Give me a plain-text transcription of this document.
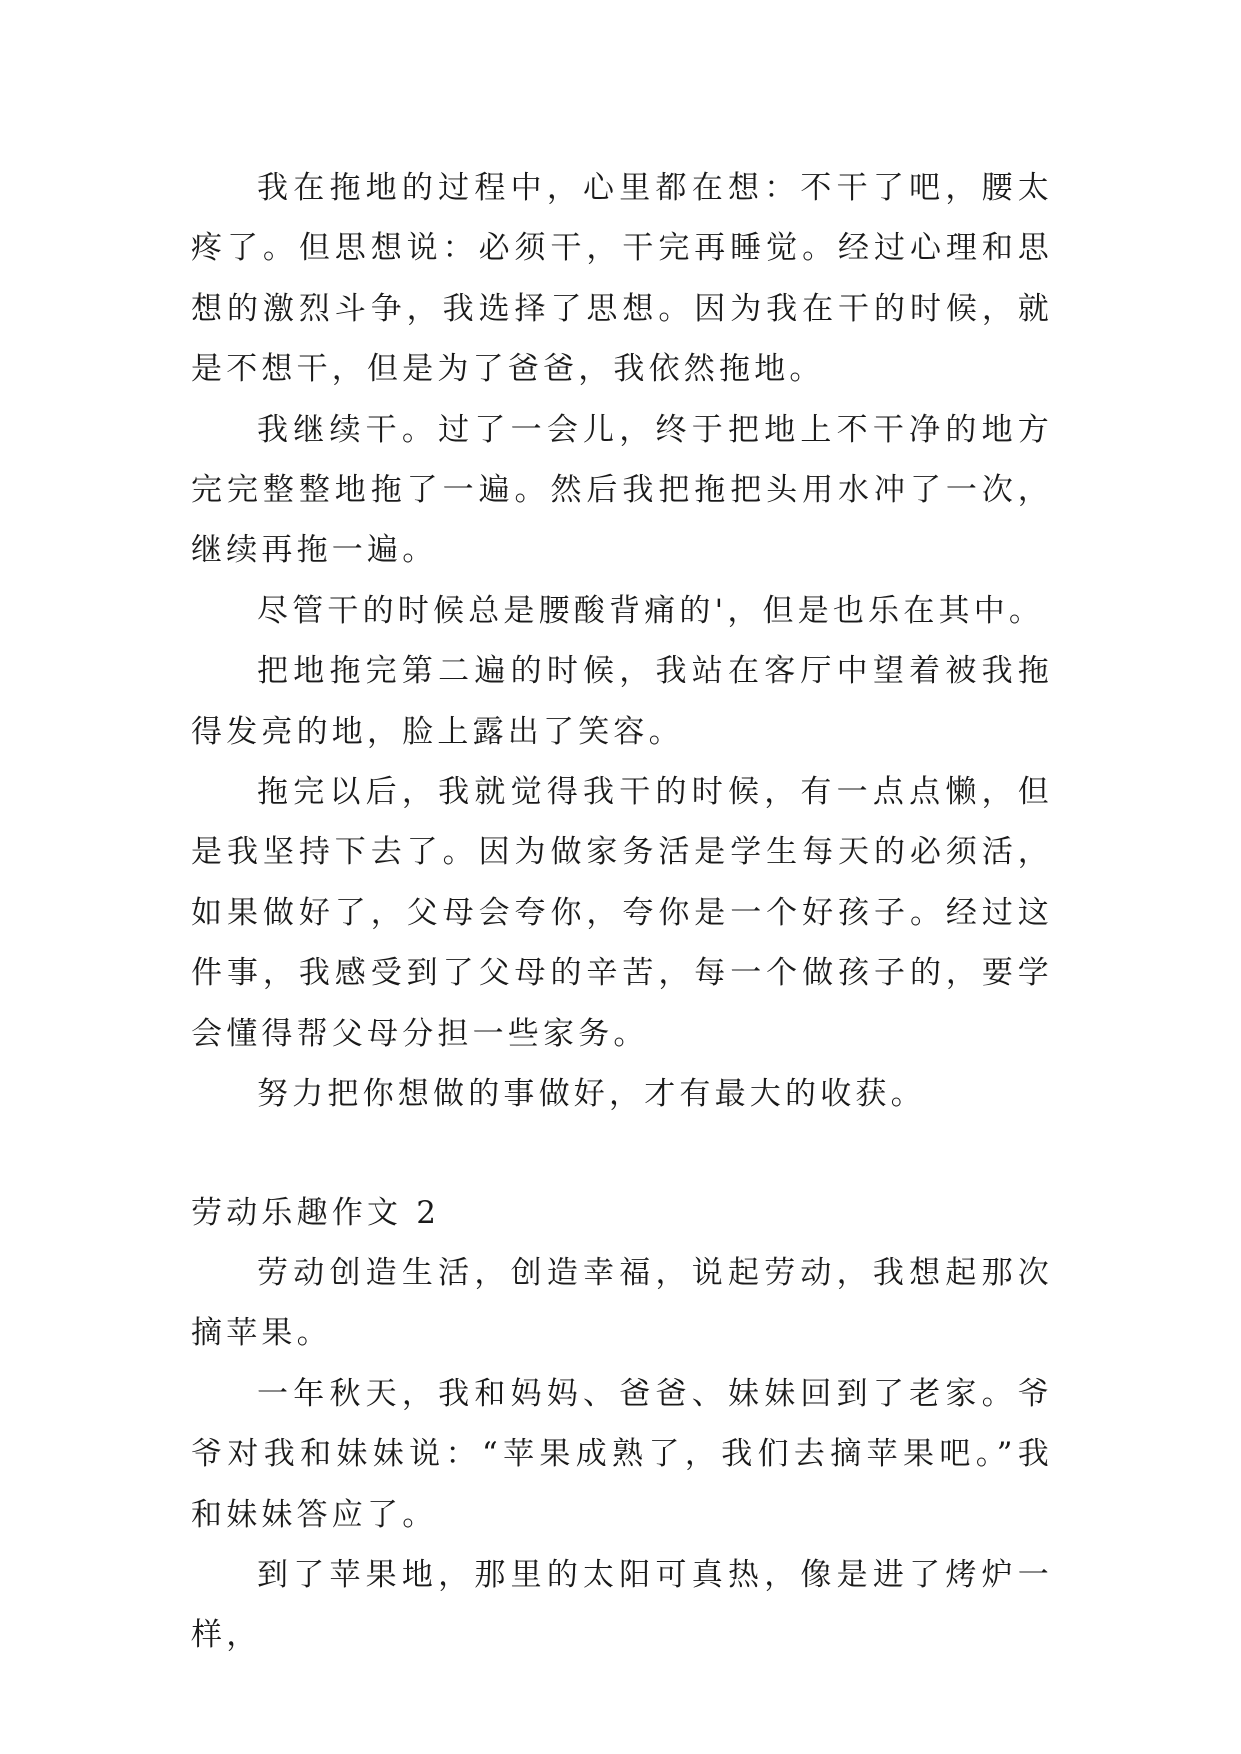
我在拖地的过程中，心里都在想：不干了吧，腰太疼了。但思想说：必须干，干完再睡觉。经过心理和思想的激烈斗争，我选择了思想。因为我在干的时候，就是不想干，但是为了爸爸，我依然拖地。

我继续干。过了一会儿，终于把地上不干净的地方完完整整地拖了一遍。然后我把拖把头用水冲了一次，继续再拖一遍。

尽管干的时候总是腰酸背痛的'，但是也乐在其中。

把地拖完第二遍的时候，我站在客厅中望着被我拖得发亮的地，脸上露出了笑容。

拖完以后，我就觉得我干的时候，有一点点懒，但是我坚持下去了。因为做家务活是学生每天的必须活，如果做好了，父母会夸你，夸你是一个好孩子。经过这件事，我感受到了父母的辛苦，每一个做孩子的，要学会懂得帮父母分担一些家务。

努力把你想做的事做好，才有最大的收获。

劳动乐趣作文 2

劳动创造生活，创造幸福，说起劳动，我想起那次摘苹果。

一年秋天，我和妈妈、爸爸、妹妹回到了老家。爷爷对我和妹妹说：“苹果成熟了，我们去摘苹果吧。”我和妹妹答应了。

到了苹果地，那里的太阳可真热，像是进了烤炉一样，
